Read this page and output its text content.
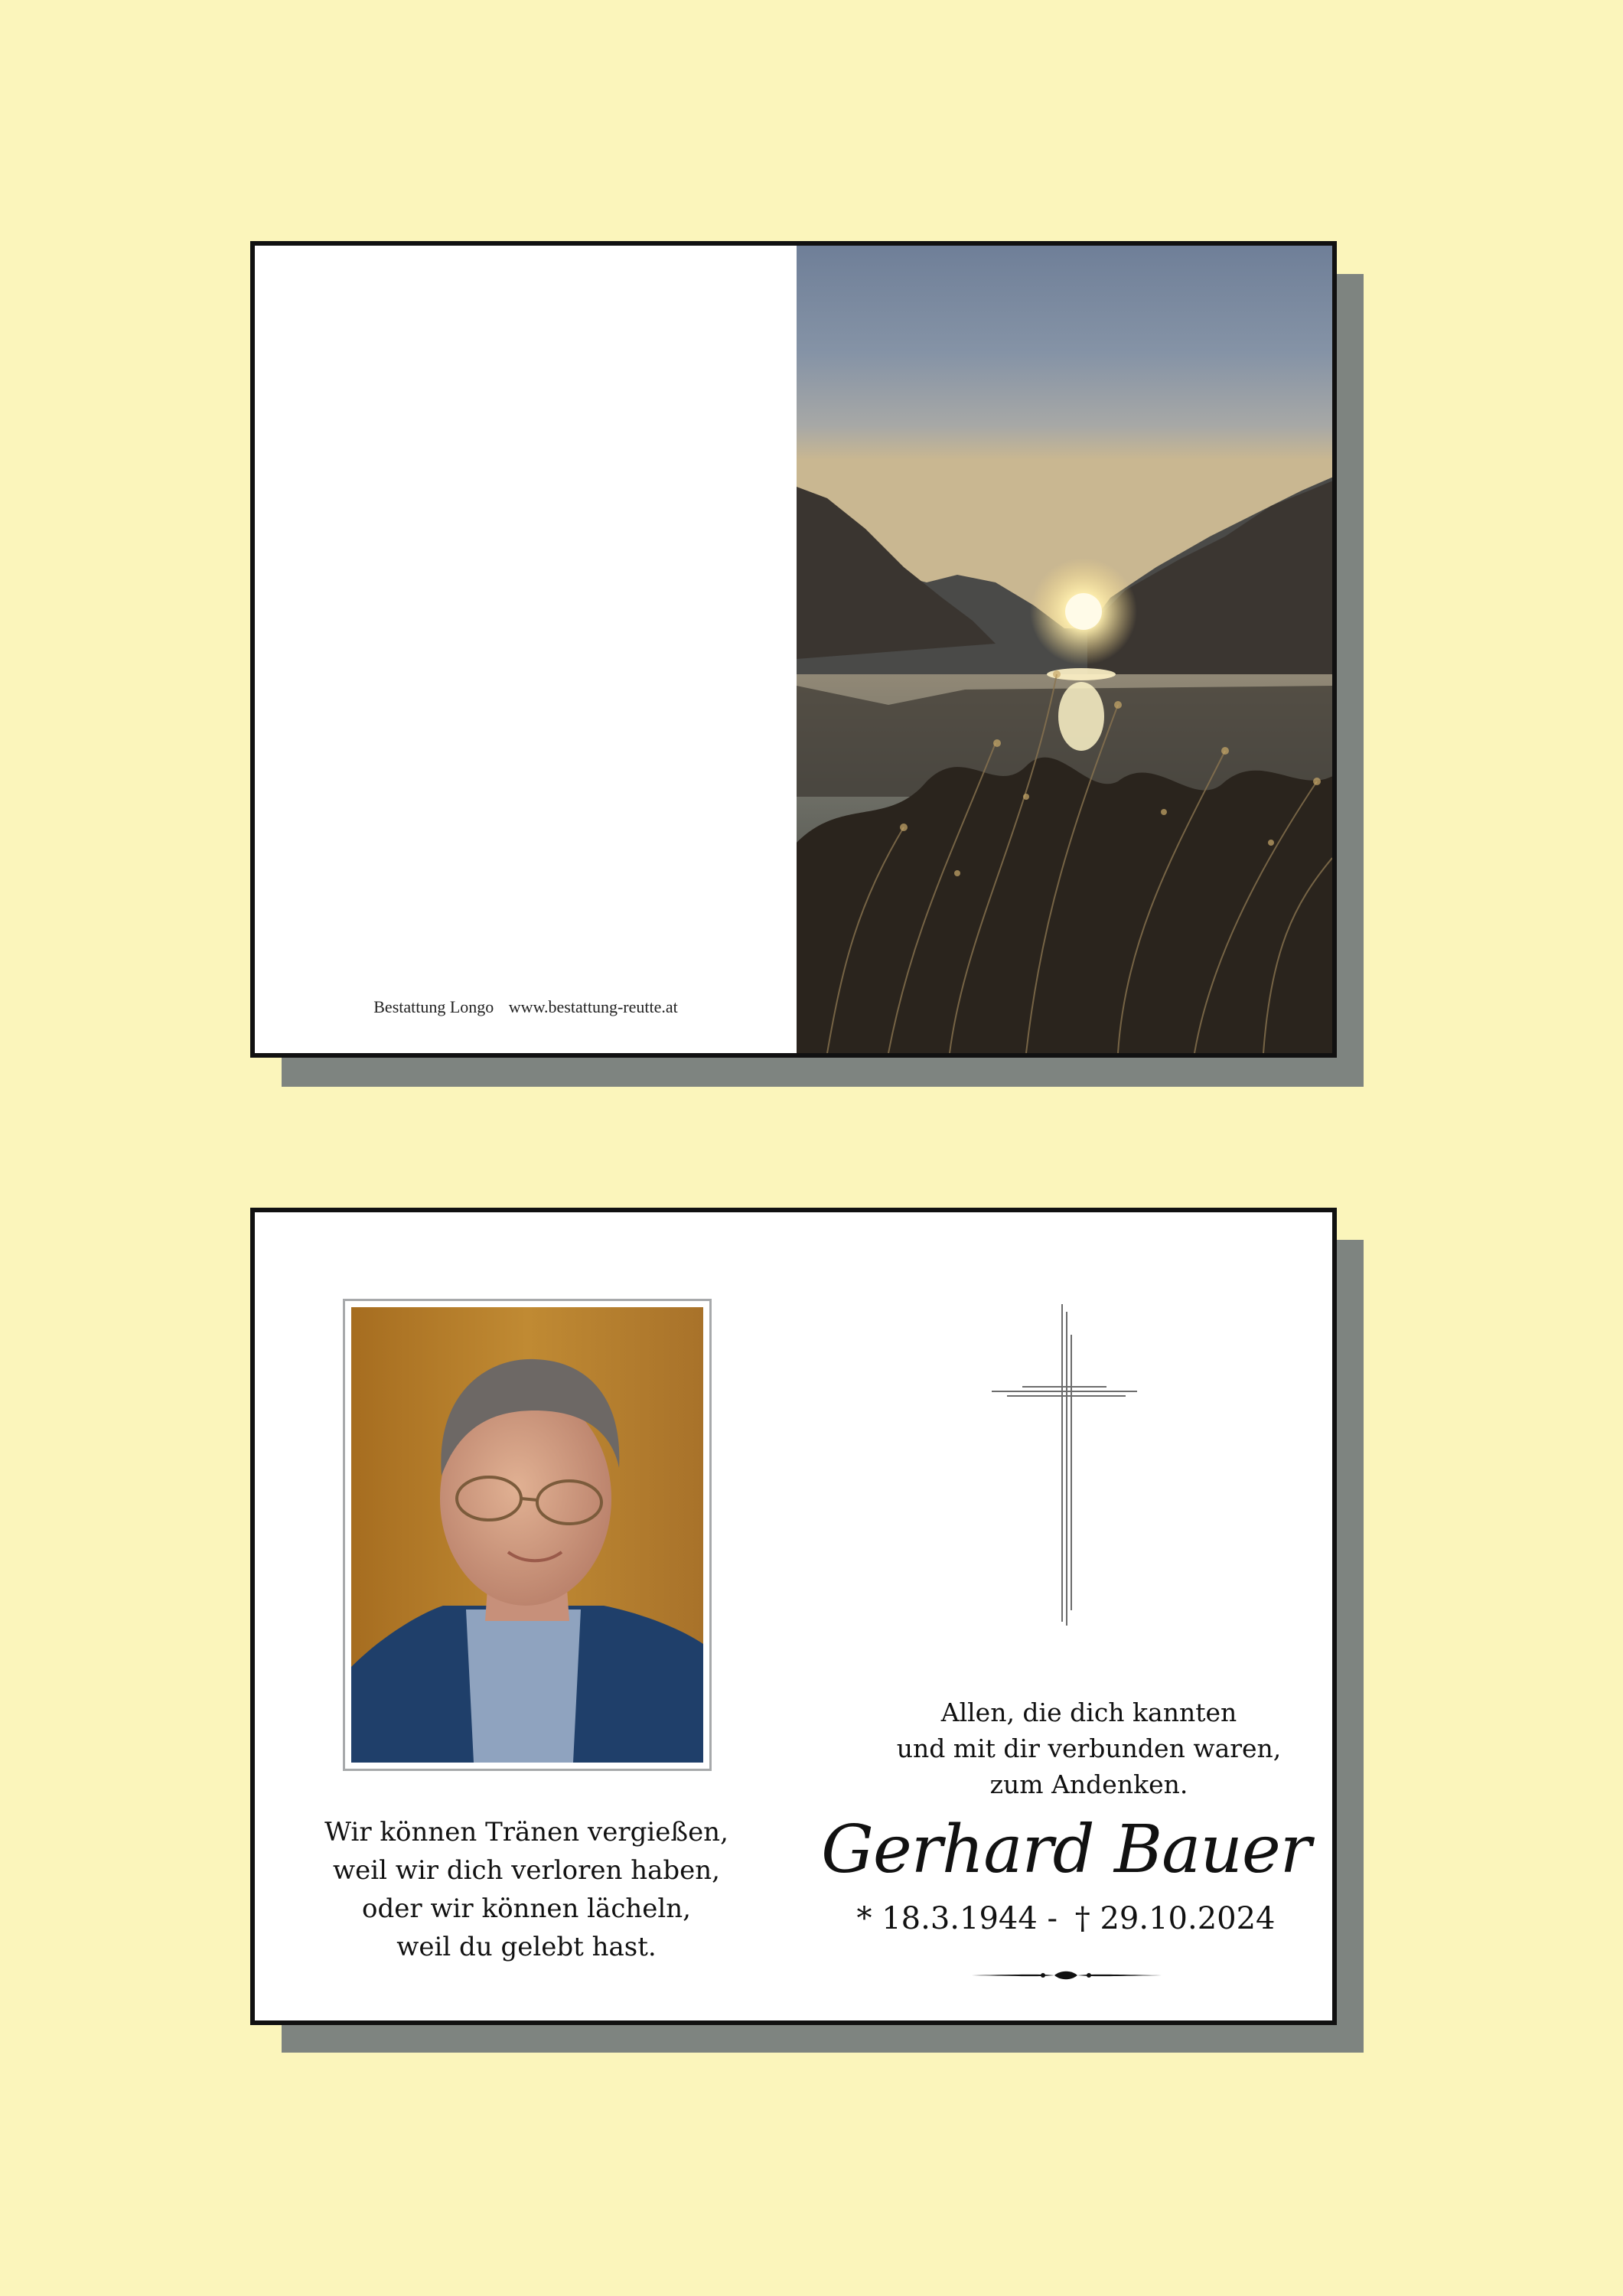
Bestattung Longo www.bestattung-reutte.at
Wir können Tränen vergießen,
weil wir dich verloren haben,
oder wir können lächeln,
weil du gelebt hast.
Allen, die dich kannten
und mit dir verbunden waren,
zum Andenken.
Gerhard Bauer
* 18.3.1944 - † 29.10.2024
